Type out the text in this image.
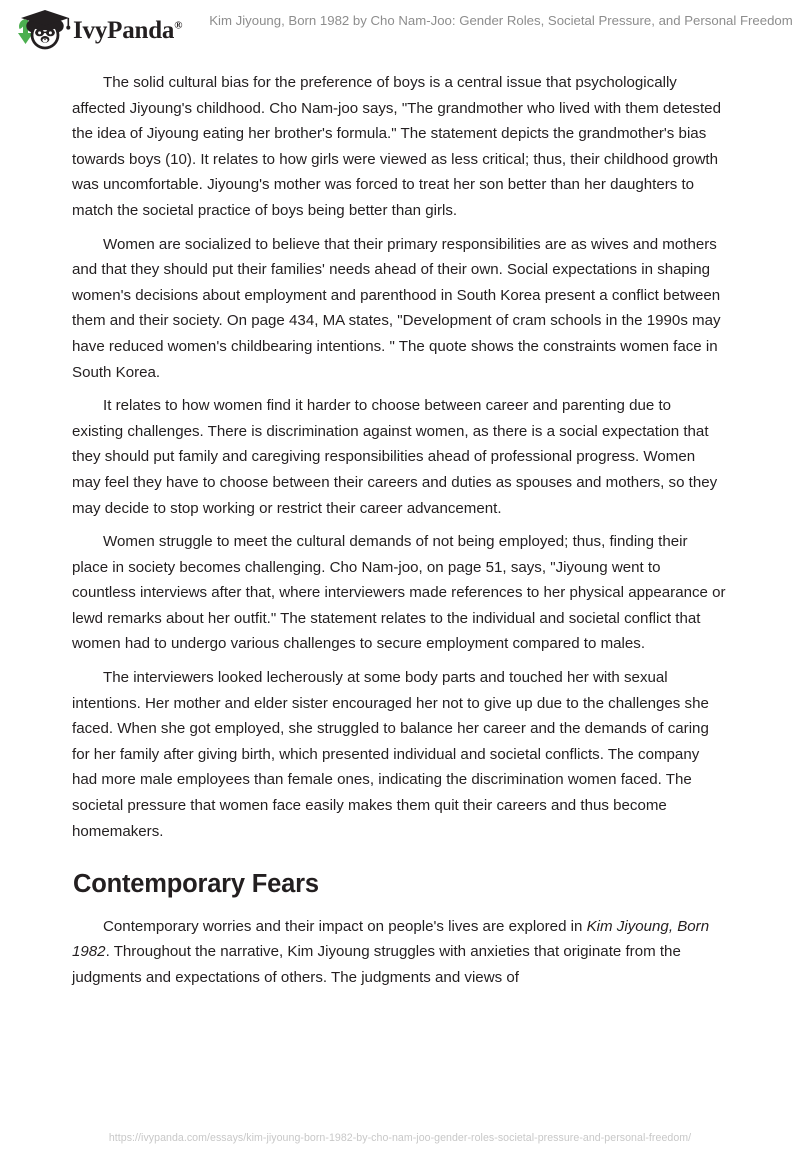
IvyPanda® Kim Jiyoung, Born 1982 by Cho Nam-Joo: Gender Roles, Societal Pressure, and Personal Freedom

The solid cultural bias for the preference of boys is a central issue that psychologically affected Jiyoung's childhood. Cho Nam-joo says, "The grandmother who lived with them detested the idea of Jiyoung eating her brother's formula." The statement depicts the grandmother's bias towards boys (10). It relates to how girls were viewed as less critical; thus, their childhood growth was uncomfortable. Jiyoung's mother was forced to treat her son better than her daughters to match the societal practice of boys being better than girls.

Women are socialized to believe that their primary responsibilities are as wives and mothers and that they should put their families' needs ahead of their own. Social expectations in shaping women's decisions about employment and parenthood in South Korea present a conflict between them and their society. On page 434, MA states, "Development of cram schools in the 1990s may have reduced women's childbearing intentions. " The quote shows the constraints women face in South Korea.

It relates to how women find it harder to choose between career and parenting due to existing challenges. There is discrimination against women, as there is a social expectation that they should put family and caregiving responsibilities ahead of professional progress. Women may feel they have to choose between their careers and duties as spouses and mothers, so they may decide to stop working or restrict their career advancement.

Women struggle to meet the cultural demands of not being employed; thus, finding their place in society becomes challenging. Cho Nam-joo, on page 51, says, "Jiyoung went to countless interviews after that, where interviewers made references to her physical appearance or lewd remarks about her outfit." The statement relates to the individual and societal conflict that women had to undergo various challenges to secure employment compared to males.

The interviewers looked lecherously at some body parts and touched her with sexual intentions. Her mother and elder sister encouraged her not to give up due to the challenges she faced. When she got employed, she struggled to balance her career and the demands of caring for her family after giving birth, which presented individual and societal conflicts. The company had more male employees than female ones, indicating the discrimination women faced. The societal pressure that women face easily makes them quit their careers and thus become homemakers.

Contemporary Fears

Contemporary worries and their impact on people's lives are explored in Kim Jiyoung, Born 1982. Throughout the narrative, Kim Jiyoung struggles with anxieties that originate from the judgments and expectations of others. The judgments and views of

https://ivypanda.com/essays/kim-jiyoung-born-1982-by-cho-nam-joo-gender-roles-societal-pressure-and-personal-freedom/
